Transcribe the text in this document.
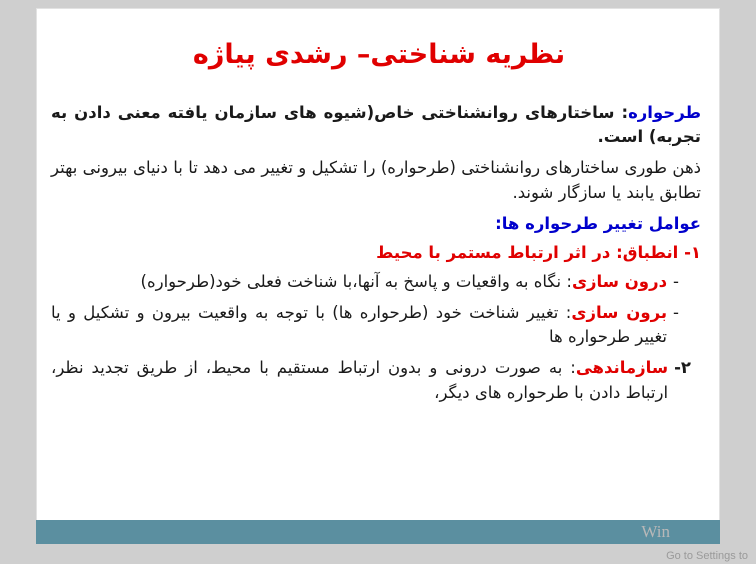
نظریه شناختی– رشدی پیاژه
طرحواره: ساختارهای روانشناختی خاص(شیوه های سازمان یافته معنی دادن به تجربه) است.
ذهن طوری ساختارهای روانشناختی (طرحواره) را تشکیل و تغییر می دهد تا با دنیای بیرونی بهتر تطابق یابند یا سازگار شوند.
عوامل تغییر طرحواره ها:
۱- انطباق: در اثر ارتباط مستمر با محیط
-
درون سازی: نگاه به واقعیات و پاسخ به آنها،با شناخت فعلی خود(طرحواره)
-
برون سازی: تغییر شناخت خود (طرحواره ها) با توجه به واقعیت بیرون و تشکیل و یا تغییر طرحواره ها
۲-
سازماندهی: به صورت درونی و بدون ارتباط مستقیم با محیط، از طریق تجدید نظر، ارتباط دادن با طرحواره های دیگر،
Win
Go to Settings to
